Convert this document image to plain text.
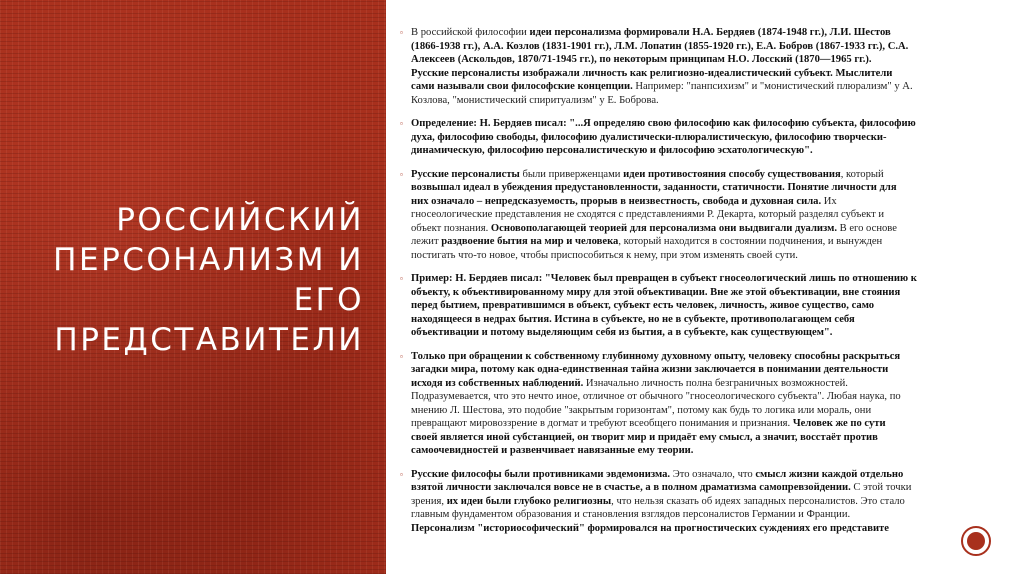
РОССИЙСКИЙ
ПЕРСОНАЛИЗМ И
ЕГО
ПРЕДСТАВИТЕЛИ
▫ В российской философии идеи персонализма формировали Н.А. Бердяев (1874-1948 гг.), Л.И. Шестов
(1866-1938 гг.), А.А. Козлов (1831-1901 гг.), Л.М. Лопатин (1855-1920 гг.), Е.А. Бобров (1867-1933 гг.), С.А.
Алексеев (Аскольдов, 1870/71-1945 гг.), по некоторым принципам Н.О. Лосский (1870—1965 гг.).
Русские персоналисты изображали личность как религиозно-идеалистический субъект. Мыслители
сами называли свои философские концепции. Например: "панпсихизм" и "монистический плюрализм" у А.
Козлова, "монистический спиритуализм" у Е. Боброва.
▫ Определение: Н. Бердяев писал: "...Я определяю свою философию как философию субъекта, философию
духа, философию свободы, философию дуалистически-плюралистическую, философию творчески-
динамическую, философию персоналистическую и философию эсхатологическую".
▫ Русские персоналисты были приверженцами идеи противостояния способу существования, который
возвышал идеал в убеждения предустановленности, заданности, статичности. Понятие личности для
них означало – непредсказуемость, прорыв в неизвестность, свобода и духовная сила. Их
гносеологические представления не сходятся с представлениями Р. Декарта, который разделял субъект и
объект познания. Основополагающей теорией для персонализма они выдвигали дуализм. В его основе
лежит раздвоение бытия на мир и человека, который находится в состоянии подчинения, и вынужден
постигать что-то новое, чтобы приспособиться к нему, при этом изменять своей сути.
▫ Пример: Н. Бердяев писал: "Человек был превращен в субъект гносеологический лишь по отношению к
объекту, к объективированному миру для этой объективации. Вне же этой объективации, вне стояния
перед бытием, превратившимся в объект, субъект есть человек, личность, живое существо, само
находящееся в недрах бытия. Истина в субъекте, но не в субъекте, противополагающем себя
объективации и потому выделяющим себя из бытия, а в субъекте, как существующем".
▫ Только при обращении к собственному глубинному духовному опыту, человеку способны раскрыться
загадки мира, потому как одна-единственная тайна жизни заключается в понимании деятельности
исходя из собственных наблюдений. Изначально личность полна безграничных возможностей.
Подразумевается, что это нечто иное, отличное от обычного "гносеологического субъекта". Любая наука, по
мнению Л. Шестова, это подобие "закрытым горизонтам", потому как будь то логика или мораль, они
превращают мировоззрение в догмат и требуют всеобщего понимания и признания. Человек же по сути
своей является иной субстанцией, он творит мир и придаёт ему смысл, а значит, восстаёт против
самоочевидностей и развенчивает навязанные ему теории.
▫ Русские философы были противниками эвдемонизма. Это означало, что смысл жизни каждой отдельно
взятой личности заключался вовсе не в счастье, а в полном драматизма самопревзойдении. С этой точки
зрения, их идеи были глубоко религиозны, что нельзя сказать об идеях западных персоналистов. Это стало
главным фундаментом образования и становления взглядов персоналистов Германии и Франции.
Персонализм "историософический" формировался на прогностических суждениях его представите
